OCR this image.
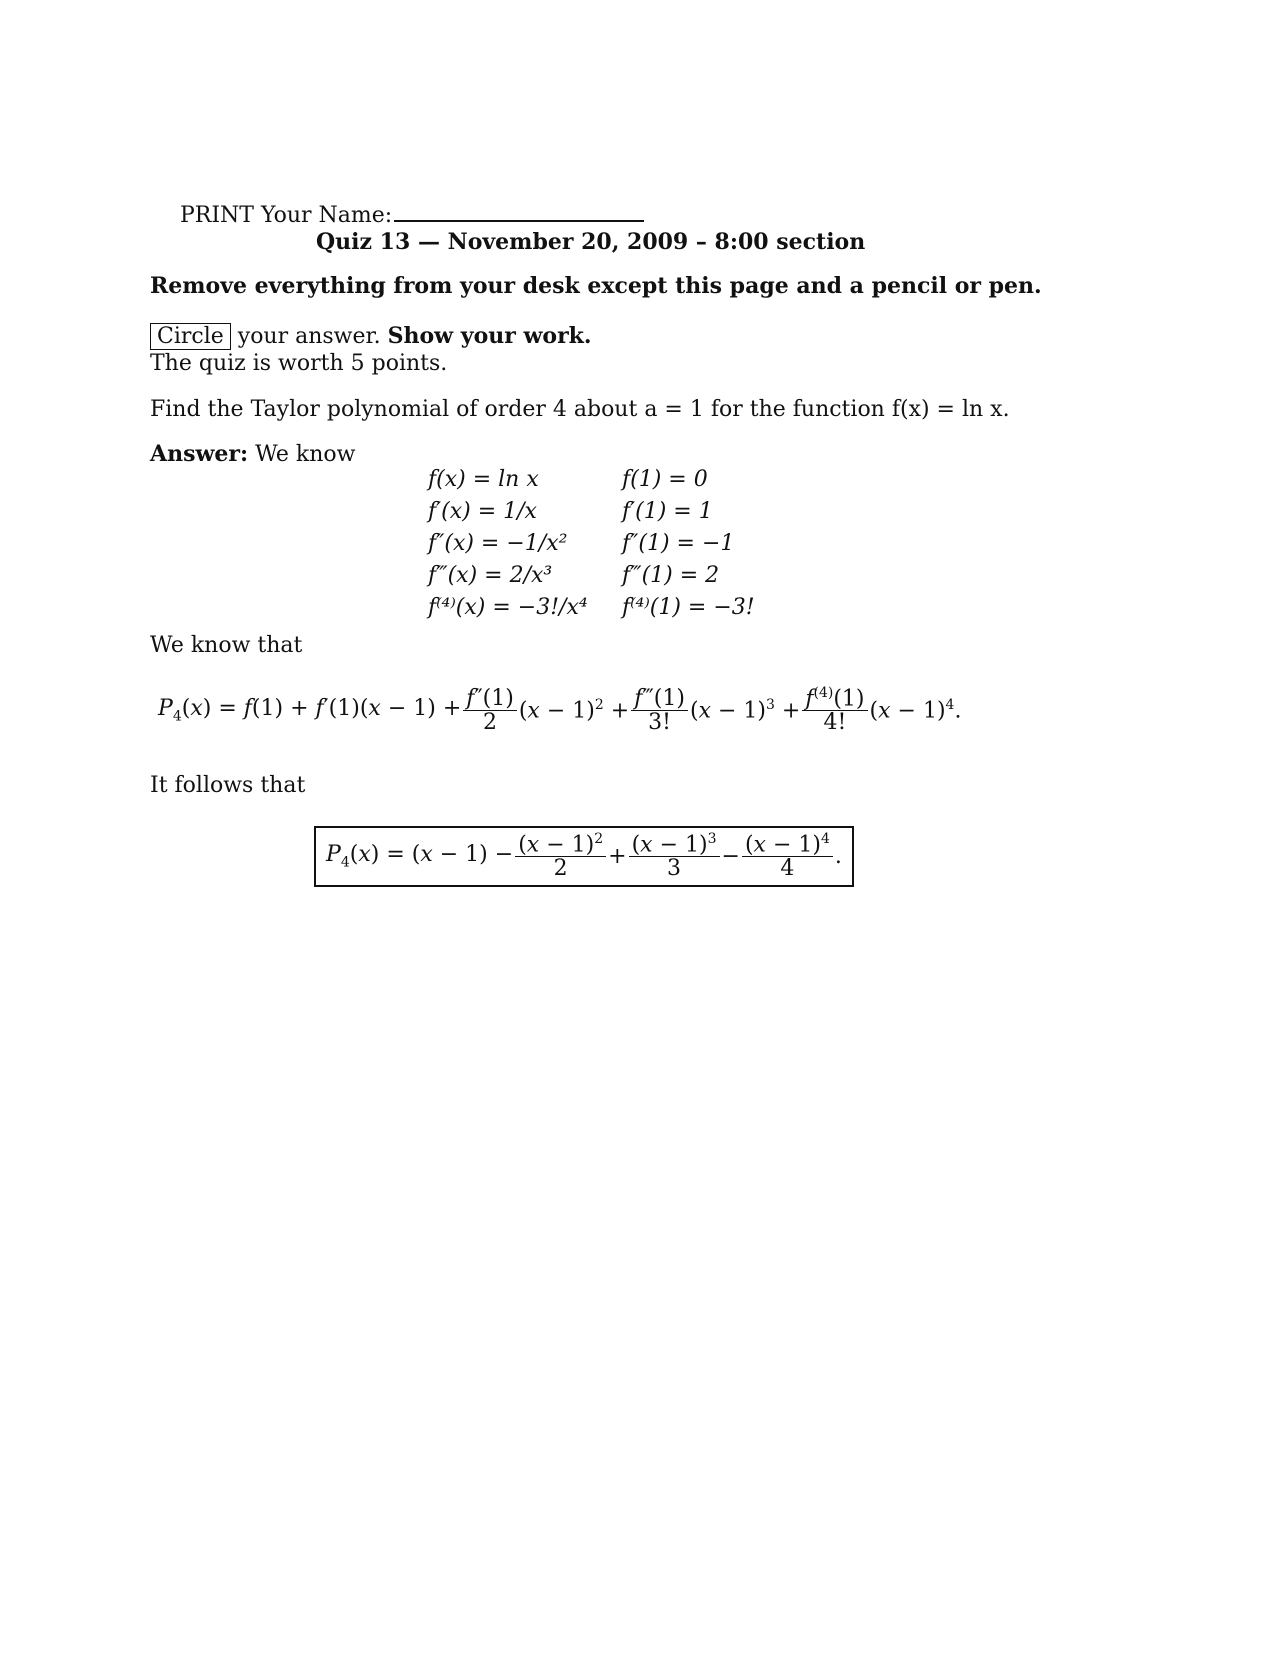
PRINT Your Name:
Quiz 13 — November 20, 2009 – 8:00 section
Remove everything from your desk except this page and a pencil or pen.
Circle your answer. Show your work.
The quiz is worth 5 points.
Find the Taylor polynomial of order 4 about a = 1 for the function f(x) = ln x.
Answer: We know
f(x) = ln x
f′(x) = 1/x
f″(x) = −1/x²
f‴(x) = 2/x³
f⁽⁴⁾(x) = −3!/x⁴
f(1) = 0
f′(1) = 1
f″(1) = −1
f‴(1) = 2
f⁽⁴⁾(1) = −3!
We know that
$P_4(x) = f(1) + f'(1)(x - 1) + \frac{f''(1)}{2} (x - 1)^2 + \frac{f‴(1)}{3!} (x - 1)^3 + \frac{f^{(4)}(1)}{4!} (x - 1)^4$.
It follows that
$P_4(x) = (x - 1) - \frac{(x - 1)^2}{2} + \frac{(x - 1)^3}{3} - \frac{(x - 1)^4}{4}$ .
